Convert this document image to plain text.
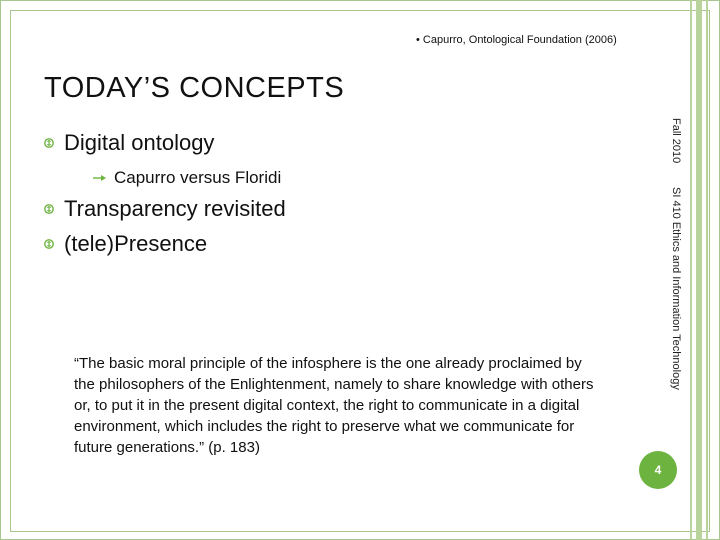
• Capurro, Ontological Foundation (2006)
TODAY’S CONCEPTS
Digital ontology
Capurro versus Floridi
Transparency revisited
(tele)Presence

“The basic moral principle of the infosphere is the one already proclaimed by the philosophers of the Enlightenment, namely to share knowledge with others or, to put it in the present digital context, the right to communicate in a digital environment, which includes the right to preserve what we communicate for future generations.” (p. 183)

Fall 2010
SI 410 Ethics and Information Technology
4
